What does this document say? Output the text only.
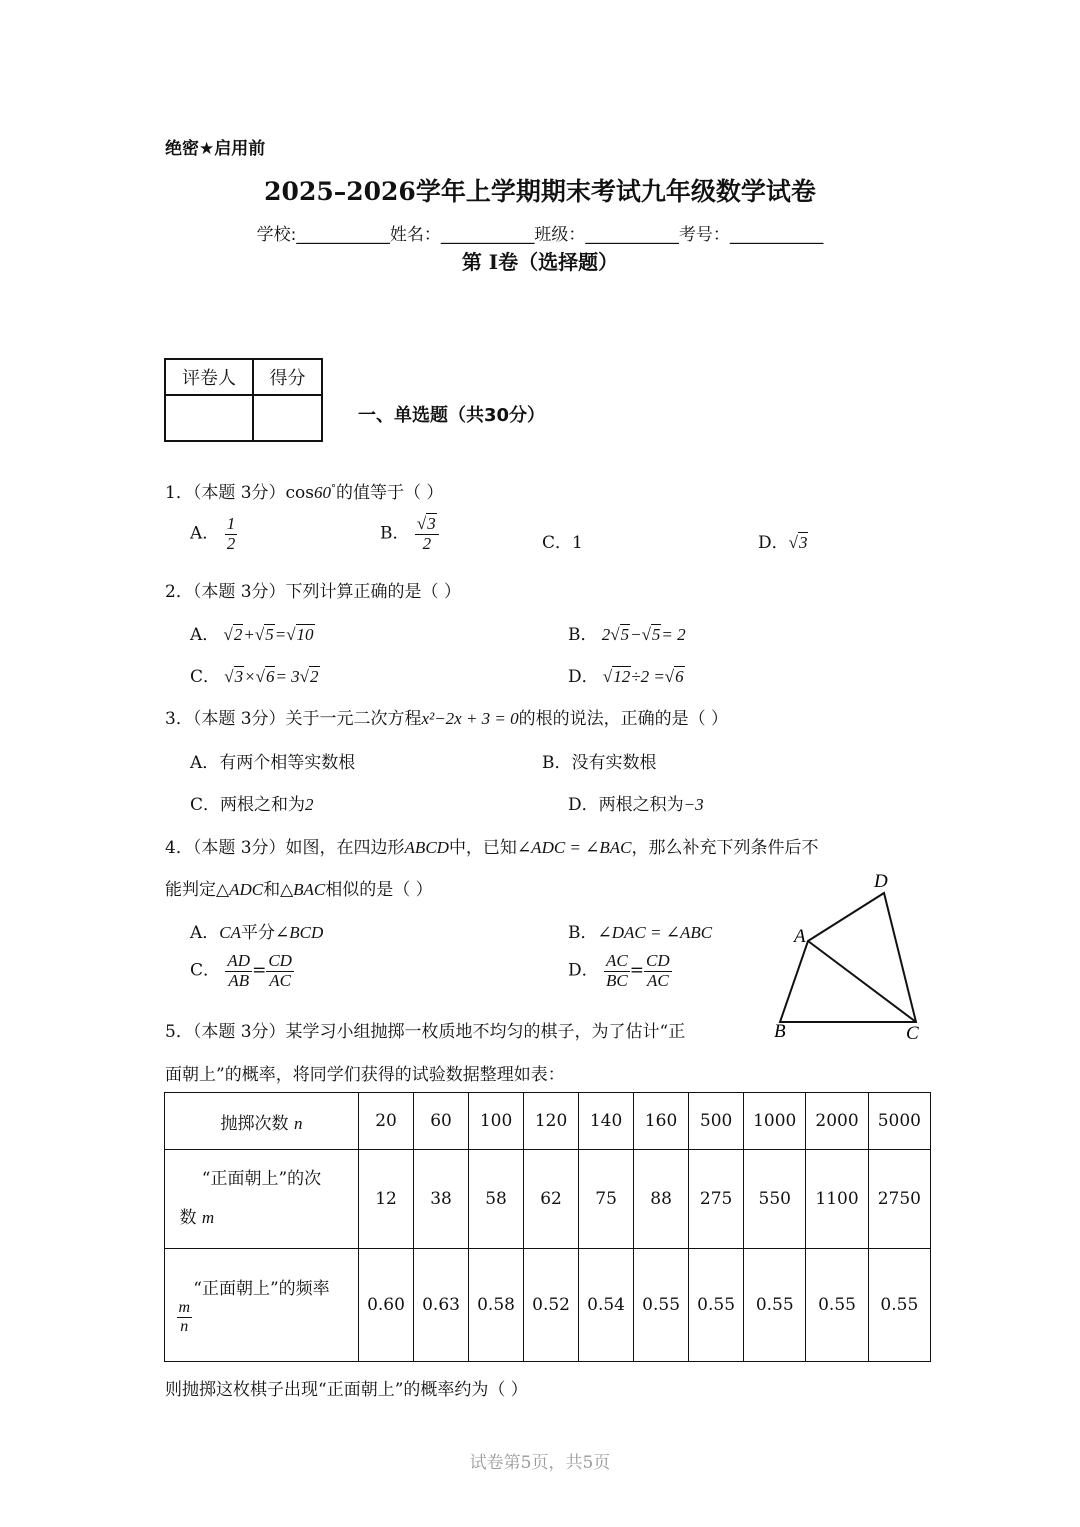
绝密★启用前
2025–2026学年上学期期末考试九年级数学试卷
学校:___________姓名：___________班级：___________考号：___________
第 I卷（选择题）
评卷人	得分

一、单选题（共30分）
1．（本题 3分）cos60°的值等于（ ）
A． $\frac{1}{2}$	B． $\frac{√3}{2}$	C．1	D．√3
2．（本题 3分）下列计算正确的是（ ）
A． √2+√5=√10	B． 2√5−√5= 2
C． √3×√6= 3√2	D． √12÷2 =√6
3．（本题 3分）关于一元二次方程x²−2x + 3 = 0的根的说法，正确的是（ ）
A．有两个相等实数根	B．没有实数根
C．两根之和为2	D．两根之积为−3
4．（本题 3分）如图，在四边形ABCD中，已知∠ADC = ∠BAC，那么补充下列条件后不
能判定△ADC和△BAC相似的是（ ）
A．CA平分∠BCD	B．∠DAC = ∠ABC
C． $\frac{AD}{AB} = \frac{CD}{AC}$	D． $\frac{AC}{BC} = \frac{CD}{AC}$
D
A
B	C
5．（本题 3分）某学习小组抛掷一枚质地不均匀的棋子，为了估计“正
面朝上”的概率，将同学们获得的试验数据整理如表：
抛掷次数 n	20	60	100	120	140	160	500	1000	2000	5000
“正面朝上”的次
数 m	12	38	58	62	75	88	275	550	1100	2750
“正面朝上”的频率

$\frac{m}{n}$	0.60	0.63	0.58	0.52	0.54	0.55	0.55	0.55	0.55	0.55
则抛掷这枚棋子出现“正面朝上”的概率约为（ ）
试卷第5页，共5页
